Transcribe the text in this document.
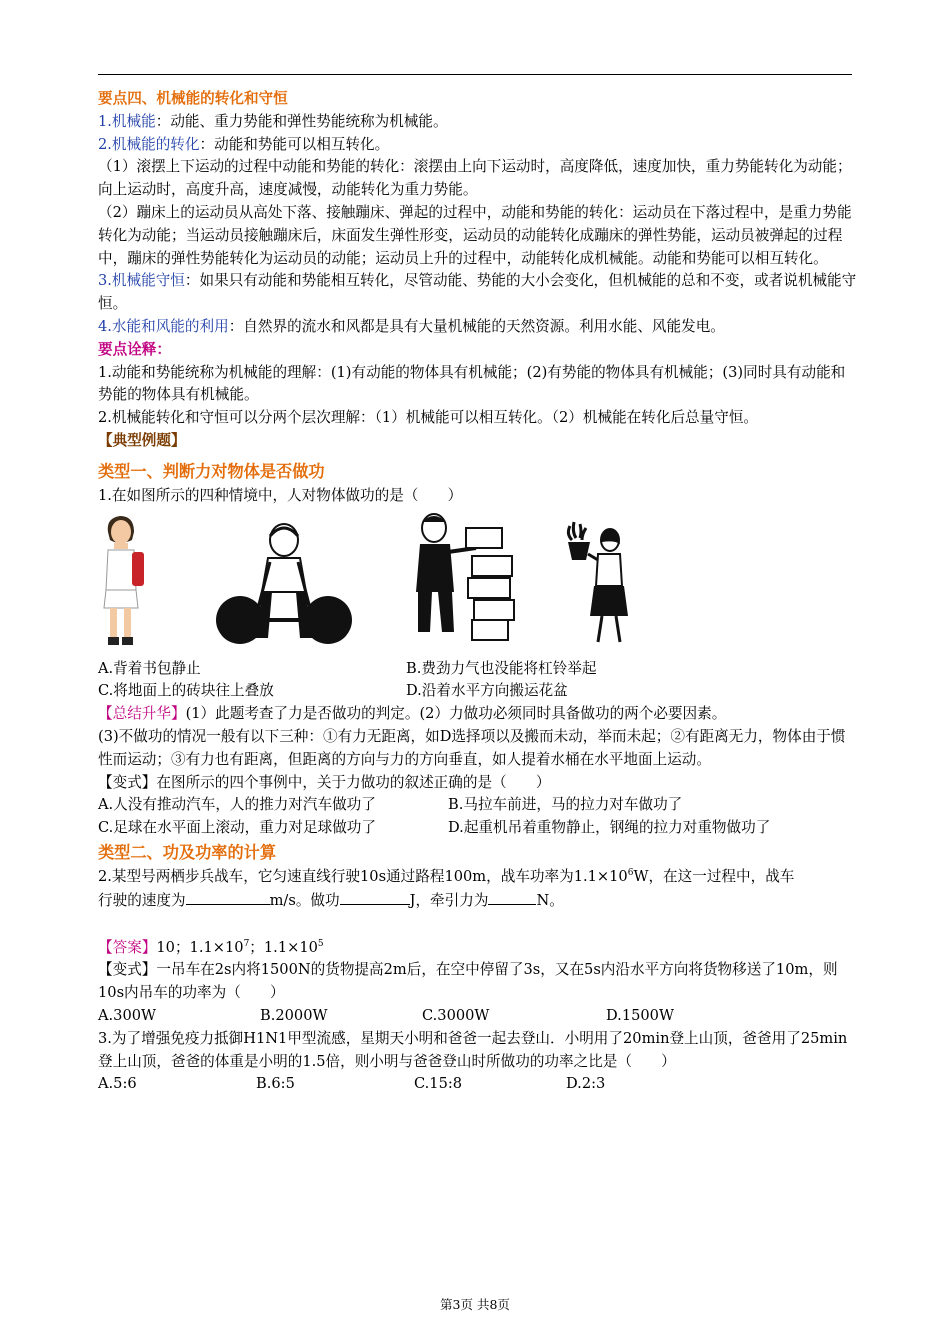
要点四、机械能的转化和守恒

1.机械能：动能、重力势能和弹性势能统称为机械能。

2.机械能的转化：动能和势能可以相互转化。

（1）滚摆上下运动的过程中动能和势能的转化：滚摆由上向下运动时，高度降低，速度加快，重力势能转化为动能；向上运动时，高度升高，速度减慢，动能转化为重力势能。

（2）蹦床上的运动员从高处下落、接触蹦床、弹起的过程中，动能和势能的转化：运动员在下落过程中，是重力势能转化为动能；当运动员接触蹦床后，床面发生弹性形变，运动员的动能转化成蹦床的弹性势能，运动员被弹起的过程中，蹦床的弹性势能转化为运动员的动能；运动员上升的过程中，动能转化成机械能。动能和势能可以相互转化。

3.机械能守恒：如果只有动能和势能相互转化，尽管动能、势能的大小会变化，但机械能的总和不变，或者说机械能守恒。

4.水能和风能的利用：自然界的流水和风都是具有大量机械能的天然资源。利用水能、风能发电。

要点诠释：

1.动能和势能统称为机械能的理解：(1)有动能的物体具有机械能；(2)有势能的物体具有机械能；(3)同时具有动能和势能的物体具有机械能。

2.机械能转化和守恒可以分两个层次理解：（1）机械能可以相互转化。（2）机械能在转化后总量守恒。

【典型例题】

类型一、判断力对物体是否做功

1.在如图所示的四种情境中，人对物体做功的是（　　）

A.背着书包静止	B.费劲力气也没能将杠铃举起
C.将地面上的砖块往上叠放	D.沿着水平方向搬运花盆

【总结升华】(1）此题考查了力是否做功的判定。(2）力做功必须同时具备做功的两个必要因素。

(3)不做功的情况一般有以下三种：①有力无距离，如D选择项以及搬而未动，举而未起；②有距离无力，物体由于惯性而运动；③有力也有距离，但距离的方向与力的方向垂直，如人提着水桶在水平地面上运动。

【变式】在图所示的四个事例中，关于力做功的叙述正确的是（　　）

A.人没有推动汽车，人的推力对汽车做功了	B.马拉车前进，马的拉力对车做功了
C.足球在水平面上滚动，重力对足球做功了	D.起重机吊着重物静止，钢绳的拉力对重物做功了

类型二、功及功率的计算

2.某型号两栖步兵战车，它匀速直线行驶10s通过路程100m，战车功率为$1.1\times 10^6W$，在这一过程中，战车

行驶的速度为	m/s。做功	J，牵引力为	N。

【答案】10；$1.1\times 10^7$；$1.1\times 10^5$

【变式】一吊车在2s内将1500N的货物提高2m后，在空中停留了3s，又在5s内沿水平方向将货物移送了10m，则10s内吊车的功率为（　　）

A.300W	B.2000W	C.3000W	D.1500W

3.为了增强免疫力抵御H1N1甲型流感，星期天小明和爸爸一起去登山．小明用了20min登上山顶，爸爸用了25min登上山顶，爸爸的体重是小明的1.5倍，则小明与爸爸登山时所做功的功率之比是（　　）

A.5:6	B.6:5	C.15:8	D.2:3
第3页 共8页
